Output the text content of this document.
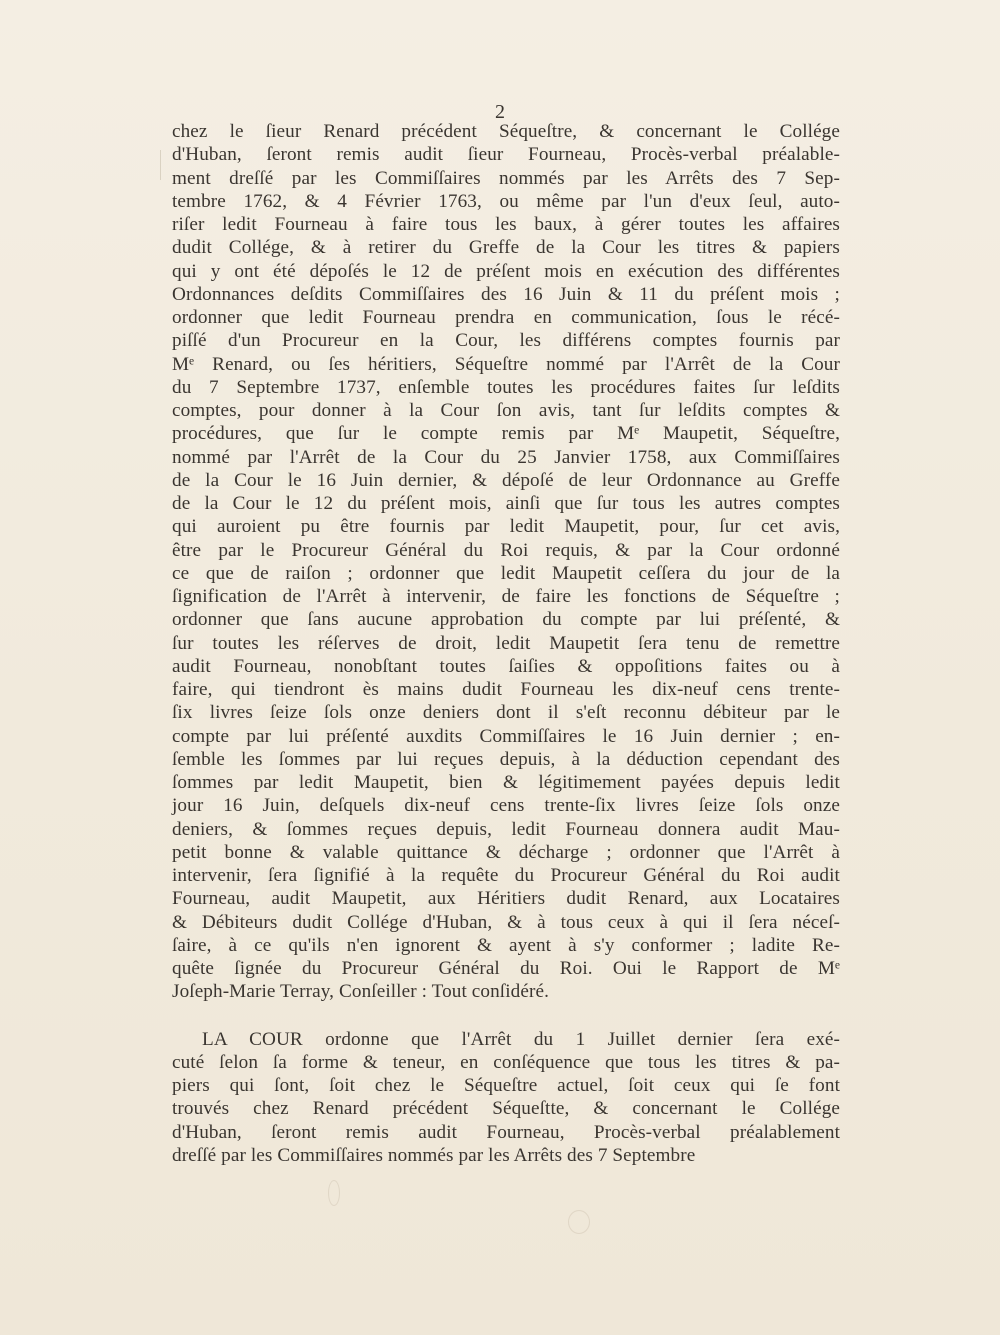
2
chez le ſieur Renard précédent Séqueſtre, & concernant le Collége
d'Huban, ſeront remis audit ſieur Fourneau, Procès-verbal préalable-
ment dreſſé par les Commiſſaires nommés par les Arrêts des 7 Sep-
tembre 1762, & 4 Février 1763, ou même par l'un d'eux ſeul, auto-
riſer ledit Fourneau à faire tous les baux, à gérer toutes les affaires
dudit Collége, & à retirer du Greffe de la Cour les titres & papiers
qui y ont été dépoſés le 12 de préſent mois en exécution des différentes
Ordonnances deſdits Commiſſaires des 16 Juin & 11 du préſent mois ;
ordonner que ledit Fourneau prendra en communication, ſous le récé-
piſſé d'un Procureur en la Cour, les différens comptes fournis par
Mᵉ Renard, ou ſes héritiers, Séqueſtre nommé par l'Arrêt de la Cour
du 7 Septembre 1737, enſemble toutes les procédures faites ſur leſdits
comptes, pour donner à la Cour ſon avis, tant ſur leſdits comptes &
procédures, que ſur le compte remis par Mᵉ Maupetit, Séqueſtre,
nommé par l'Arrêt de la Cour du 25 Janvier 1758, aux Commiſſaires
de la Cour le 16 Juin dernier, & dépoſé de leur Ordonnance au Greffe
de la Cour le 12 du préſent mois, ainſi que ſur tous les autres comptes
qui auroient pu être fournis par ledit Maupetit, pour, ſur cet avis,
être par le Procureur Général du Roi requis, & par la Cour ordonné
ce que de raiſon ; ordonner que ledit Maupetit ceſſera du jour de la
ſignification de l'Arrêt à intervenir, de faire les fonctions de Séqueſtre ;
ordonner que ſans aucune approbation du compte par lui préſenté, &
ſur toutes les réſerves de droit, ledit Maupetit ſera tenu de remettre
audit Fourneau, nonobſtant toutes ſaiſies & oppoſitions faites ou à
faire, qui tiendront ès mains dudit Fourneau les dix-neuf cens trente-
ſix livres ſeize ſols onze deniers dont il s'eſt reconnu débiteur par le
compte par lui préſenté auxdits Commiſſaires le 16 Juin dernier ; en-
ſemble les ſommes par lui reçues depuis, à la déduction cependant des
ſommes par ledit Maupetit, bien & légitimement payées depuis ledit
jour 16 Juin, deſquels dix-neuf cens trente-ſix livres ſeize ſols onze
deniers, & ſommes reçues depuis, ledit Fourneau donnera audit Mau-
petit bonne & valable quittance & décharge ; ordonner que l'Arrêt à
intervenir, ſera ſignifié à la requête du Procureur Général du Roi audit
Fourneau, audit Maupetit, aux Héritiers dudit Renard, aux Locataires
& Débiteurs dudit Collége d'Huban, & à tous ceux à qui il ſera néceſ-
ſaire, à ce qu'ils n'en ignorent & ayent à s'y conformer ; ladite Re-
quête ſignée du Procureur Général du Roi. Oui le Rapport de Mᵉ
Joſeph-Marie Terray, Conſeiller : Tout conſidéré.
LA COUR ordonne que l'Arrêt du 1 Juillet dernier ſera exé-
cuté ſelon ſa forme & teneur, en conſéquence que tous les titres & pa-
piers qui ſont, ſoit chez le Séqueſtre actuel, ſoit ceux qui ſe font
trouvés chez Renard précédent Séqueſtte, & concernant le Collége
d'Huban, ſeront remis audit Fourneau, Procès-verbal préalablement
dreſſé par les Commiſſaires nommés par les Arrêts des 7 Septembre
